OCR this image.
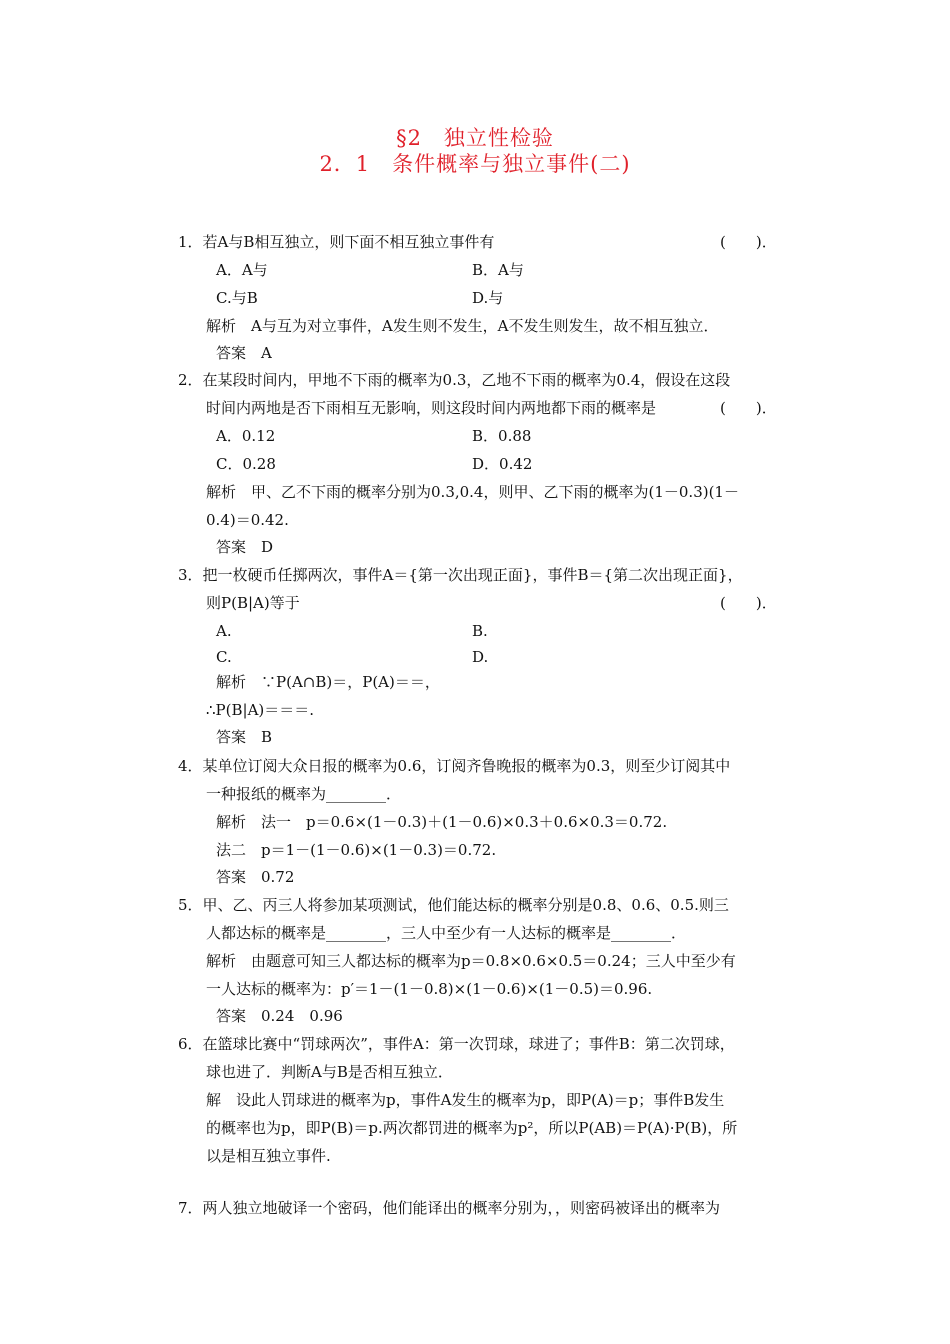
§2　独立性检验
2．1　条件概率与独立事件(二)
1．若A与B相互独立，则下面不相互独立事件有	(　　)．
A．A与	B．A与
C.与B	D.与
解析　A与互为对立事件，A发生则不发生，A不发生则发生，故不相互独立．
答案　A
2．在某段时间内，甲地不下雨的概率为0.3，乙地不下雨的概率为0.4，假设在这段
时间内两地是否下雨相互无影响，则这段时间内两地都下雨的概率是	(　　)．
A．0.12	B．0.88
C．0.28	D．0.42
解析　甲、乙不下雨的概率分别为0.3,0.4，则甲、乙下雨的概率为(1－0.3)(1－
0.4)＝0.42.
答案　D
3．把一枚硬币任掷两次，事件A＝{第一次出现正面}，事件B＝{第二次出现正面}，
则P(B|A)等于	(　　)．
A.	B.
C.	D.
解析　∵P(A∩B)＝，P(A)＝＝，
∴P(B|A)＝＝＝.
答案　B
4．某单位订阅大众日报的概率为0.6，订阅齐鲁晚报的概率为0.3，则至少订阅其中
一种报纸的概率为________．
解析　法一　p＝0.6×(1－0.3)＋(1－0.6)×0.3＋0.6×0.3＝0.72.
法二　p＝1－(1－0.6)×(1－0.3)＝0.72.
答案　0.72
5．甲、乙、丙三人将参加某项测试，他们能达标的概率分别是0.8、0.6、0.5.则三
人都达标的概率是________，三人中至少有一人达标的概率是________．
解析　由题意可知三人都达标的概率为p＝0.8×0.6×0.5＝0.24；三人中至少有
一人达标的概率为：p′＝1－(1－0.8)×(1－0.6)×(1－0.5)＝0.96.
答案　0.24　0.96
6．在篮球比赛中“罚球两次”，事件A：第一次罚球，球进了；事件B：第二次罚球，
球也进了．判断A与B是否相互独立．
解　设此人罚球进的概率为p，事件A发生的概率为p，即P(A)＝p；事件B发生
的概率也为p，即P(B)＝p.两次都罚进的概率为p²，所以P(AB)＝P(A)·P(B)，所
以是相互独立事件.
7．两人独立地破译一个密码，他们能译出的概率分别为，，则密码被译出的概率为
